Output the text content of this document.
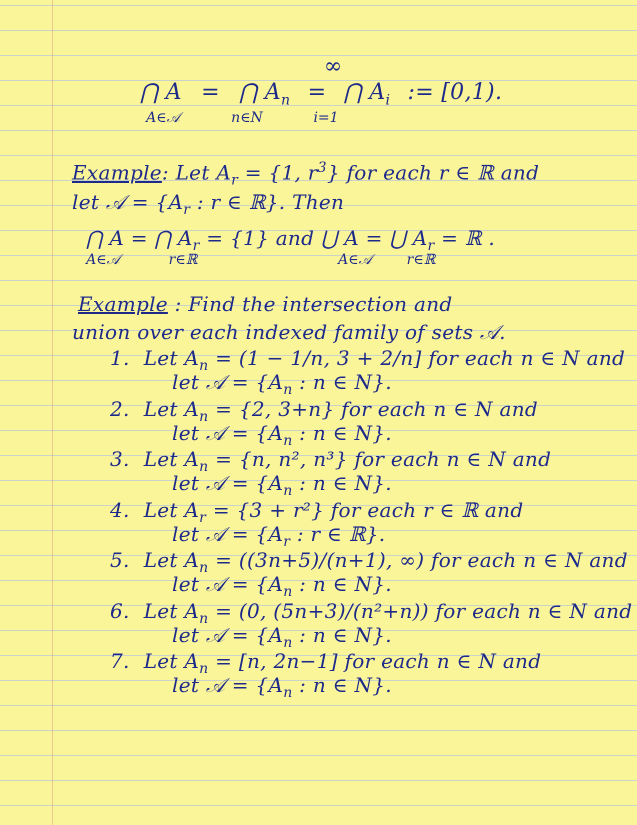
∞
⋂ A = ⋂ $A_n$ = ⋂ $A_i$ := [0,1).
A∈𝒜	n∈N	i=1
Example: Let $A_r = \{1$, $r^3$} for each r ∈ ℝ and
let 𝒜 = {$A_r$ : r ∈ ℝ}. Then
⋂ A = ⋂ $A_r = \{1\}$ and ⋃ A = ⋃ $A_r$ = ℝ .
A∈𝒜	r∈ℝ	A∈𝒜	r∈ℝ
Example : Find the intersection and
union over each indexed family of sets 𝒜.
1. Let $A_n = (1 - 1/n$, 3 + 2/n] for each n ∈ N and
let 𝒜 = {$A_n$ : n ∈ N}.
2. Let $A_n = \{2$, 3+n} for each n ∈ N and
let 𝒜 = {$A_n$ : n ∈ N}.
3. Let $A_n = \{n$, n², n³} for each n ∈ N and
let 𝒜 = {$A_n$ : n ∈ N}.
4. Let $A_r = \{3 + r^2\}$ for each r ∈ ℝ and
let 𝒜 = {$A_r$ : r ∈ ℝ}.
5. Let $A_n = ((3n+5)/(n+1)$, ∞) for each n ∈ N and
let 𝒜 = {$A_n$ : n ∈ N}.
6. Let $A_n = (0$, (5n+3)/(n²+n)) for each n ∈ N and
let 𝒜 = {$A_n$ : n ∈ N}.
7. Let $A_n = [n$, 2n−1] for each n ∈ N and
let 𝒜 = {$A_n$ : n ∈ N}.
